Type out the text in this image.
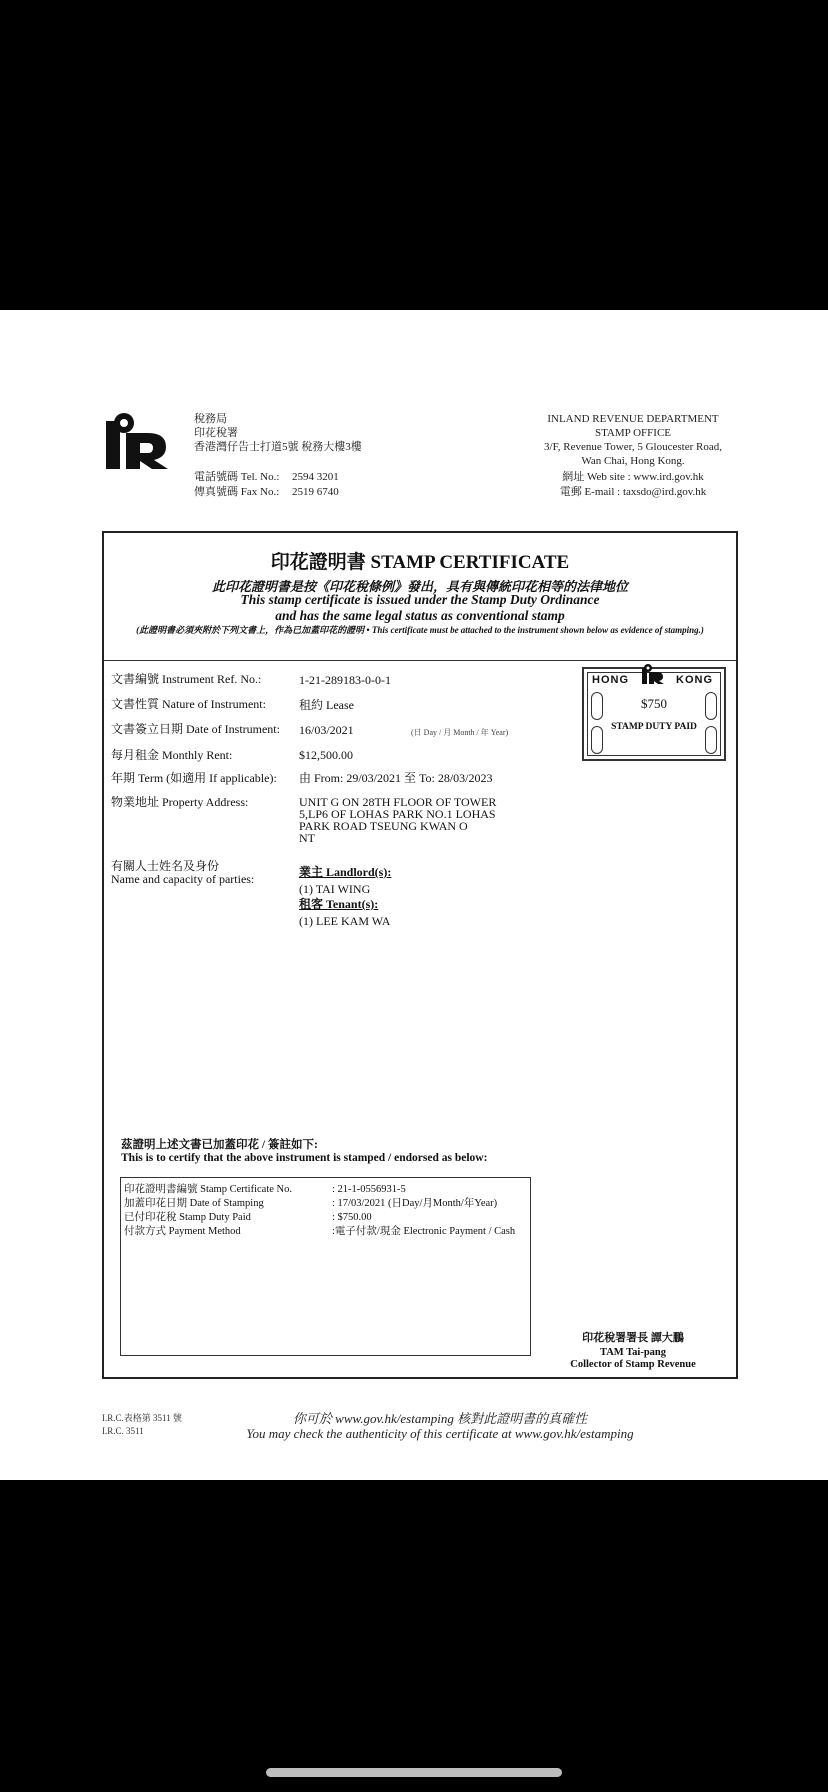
稅務局
印花稅署
香港灣仔告士打道5號 稅務大樓3樓
電話號碼 Tel. No.: 2594 3201
傳真號碼 Fax No.: 2519 6740
INLAND REVENUE DEPARTMENT
STAMP OFFICE
3/F, Revenue Tower, 5 Gloucester Road,
Wan Chai, Hong Kong.
網址 Web site : www.ird.gov.hk
電郵 E-mail : taxsdo@ird.gov.hk
印花證明書 STAMP CERTIFICATE
此印花證明書是按《印花稅條例》發出，具有與傳統印花相等的法律地位
This stamp certificate is issued under the Stamp Duty Ordinance
and has the same legal status as conventional stamp
(此證明書必須夾附於下列文書上，作為已加蓋印花的證明 • This certificate must be attached to the instrument shown below as evidence of stamping.)
文書編號 Instrument Ref. No.:	1-21-289183-0-0-1
文書性質 Nature of Instrument:	租約 Lease
文書簽立日期 Date of Instrument: 16/03/2021	(日 Day / 月 Month / 年 Year)
每月租金 Monthly Rent:	$12,500.00
年期 Term (如適用 If applicable): 由 From: 29/03/2021 至 To: 28/03/2023
物業地址 Property Address:	UNIT G ON 28TH FLOOR OF TOWER
5,LP6 OF LOHAS PARK NO.1 LOHAS
PARK ROAD TSEUNG KWAN O
NT
有關人士姓名及身份
Name and capacity of parties:	業主 Landlord(s):
(1) TAI WING
租客 Tenant(s):
(1) LEE KAM WA
HONG	KONG
$750
STAMP DUTY PAID
茲證明上述文書已加蓋印花 / 簽註如下:
This is to certify that the above instrument is stamped / endorsed as below:
印花證明書編號 Stamp Certificate No.	: 21-1-0556931-5
加蓋印花日期 Date of Stamping	: 17/03/2021 (日Day/月Month/年Year)
已付印花稅 Stamp Duty Paid	: $750.00
付款方式 Payment Method	:電子付款/現金 Electronic Payment / Cash
印花稅署署長 譚大鵬
TAM Tai-pang
Collector of Stamp Revenue
I.R.C.表格第 3511 號
I.R.C. 3511
你可於 www.gov.hk/estamping 核對此證明書的真確性
You may check the authenticity of this certificate at www.gov.hk/estamping
